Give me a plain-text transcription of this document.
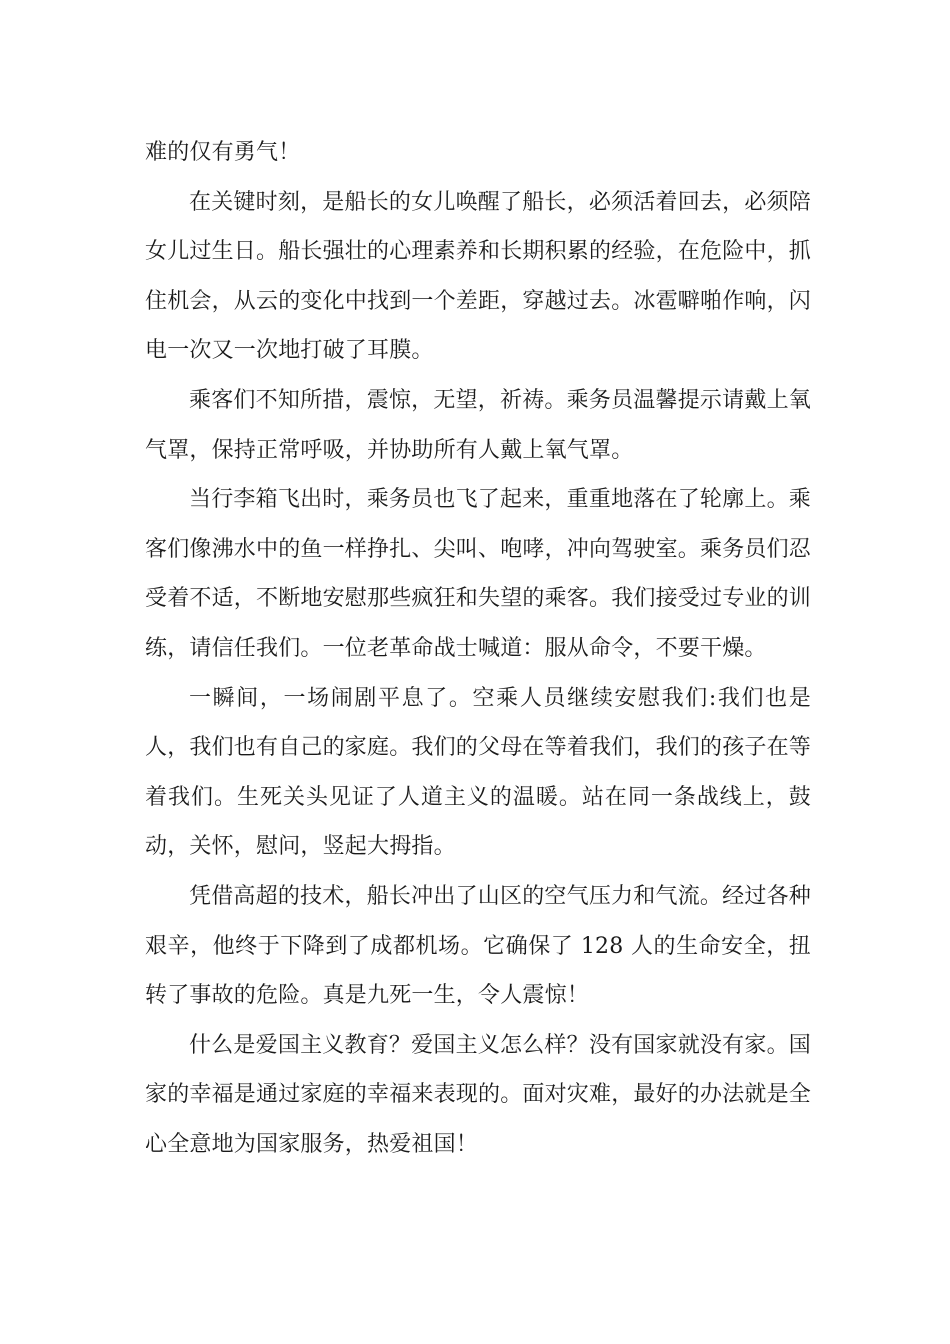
难的仅有勇气！

在关键时刻，是船长的女儿唤醒了船长，必须活着回去，必须陪女儿过生日。船长强壮的心理素养和长期积累的经验，在危险中，抓住机会，从云的变化中找到一个差距，穿越过去。冰雹噼啪作响，闪电一次又一次地打破了耳膜。

乘客们不知所措，震惊，无望，祈祷。乘务员温馨提示请戴上氧气罩，保持正常呼吸，并协助所有人戴上氧气罩。

当行李箱飞出时，乘务员也飞了起来，重重地落在了轮廓上。乘客们像沸水中的鱼一样挣扎、尖叫、咆哮，冲向驾驶室。乘务员们忍受着不适，不断地安慰那些疯狂和失望的乘客。我们接受过专业的训练，请信任我们。一位老革命战士喊道：服从命令，不要干燥。

一瞬间，一场闹剧平息了。空乘人员继续安慰我们:我们也是人，我们也有自己的家庭。我们的父母在等着我们，我们的孩子在等着我们。生死关头见证了人道主义的温暖。站在同一条战线上，鼓动，关怀，慰问，竖起大拇指。

凭借高超的技术，船长冲出了山区的空气压力和气流。经过各种艰辛，他终于下降到了成都机场。它确保了 128 人的生命安全，扭转了事故的危险。真是九死一生，令人震惊！

什么是爱国主义教育？爱国主义怎么样？没有国家就没有家。国家的幸福是通过家庭的幸福来表现的。面对灾难，最好的办法就是全心全意地为国家服务，热爱祖国！
